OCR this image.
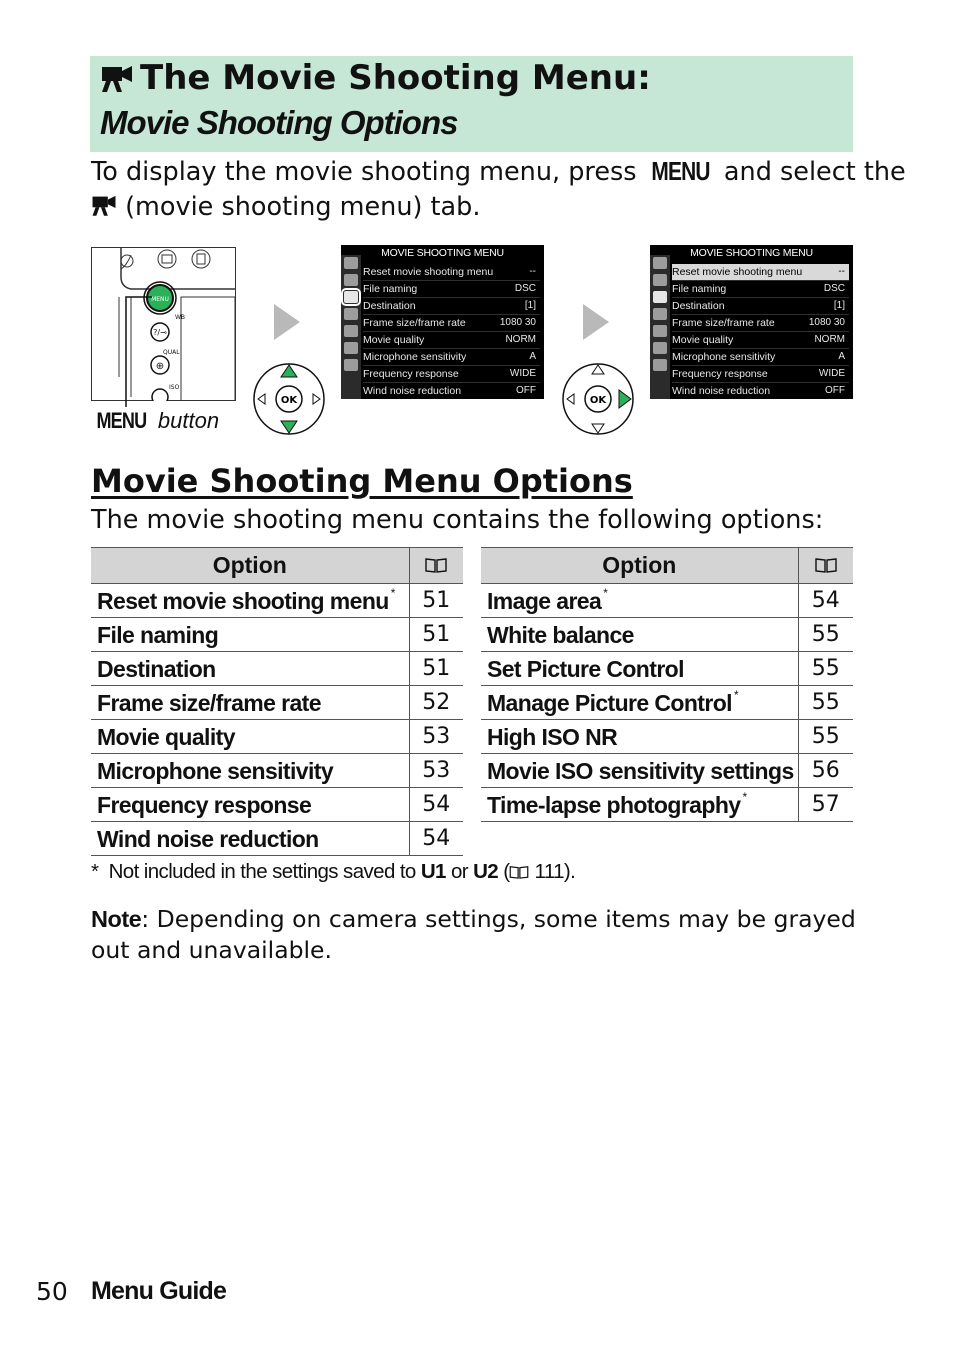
The Movie Shooting Menu:
Movie Shooting Options
To display the movie shooting menu, press MENU and select the
(movie shooting menu) tab.
MENU
WB
?/⊸
QUAL
⊕
ISO
MENU button
OK
MOVIE SHOOTING MENU
Reset movie shooting menu	--
File naming	DSC
Destination	[1]
Frame size/frame rate	1080 30
Movie quality	NORM
Microphone sensitivity	A
Frequency response	WIDE
Wind noise reduction	OFF
OK
MOVIE SHOOTING MENU
Reset movie shooting menu	--
File naming	DSC
Destination	[1]
Frame size/frame rate	1080 30
Movie quality	NORM
Microphone sensitivity	A
Frequency response	WIDE
Wind noise reduction	OFF
Movie Shooting Menu Options
The movie shooting menu contains the following options:
Option	
Reset movie shooting menu *	51
File naming	51
Destination	51
Frame size/frame rate	52
Movie quality	53
Microphone sensitivity	53
Frequency response	54
Wind noise reduction	54
Option	
Image area *	54
White balance	55
Set Picture Control	55
Manage Picture Control *	55
High ISO NR	55
Movie ISO sensitivity settings	56
Time-lapse photography *	57
* Not included in the settings saved to U1 or U2 ( 111).
Note: Depending on camera settings, some items may be grayed out and unavailable.
50 Menu Guide
